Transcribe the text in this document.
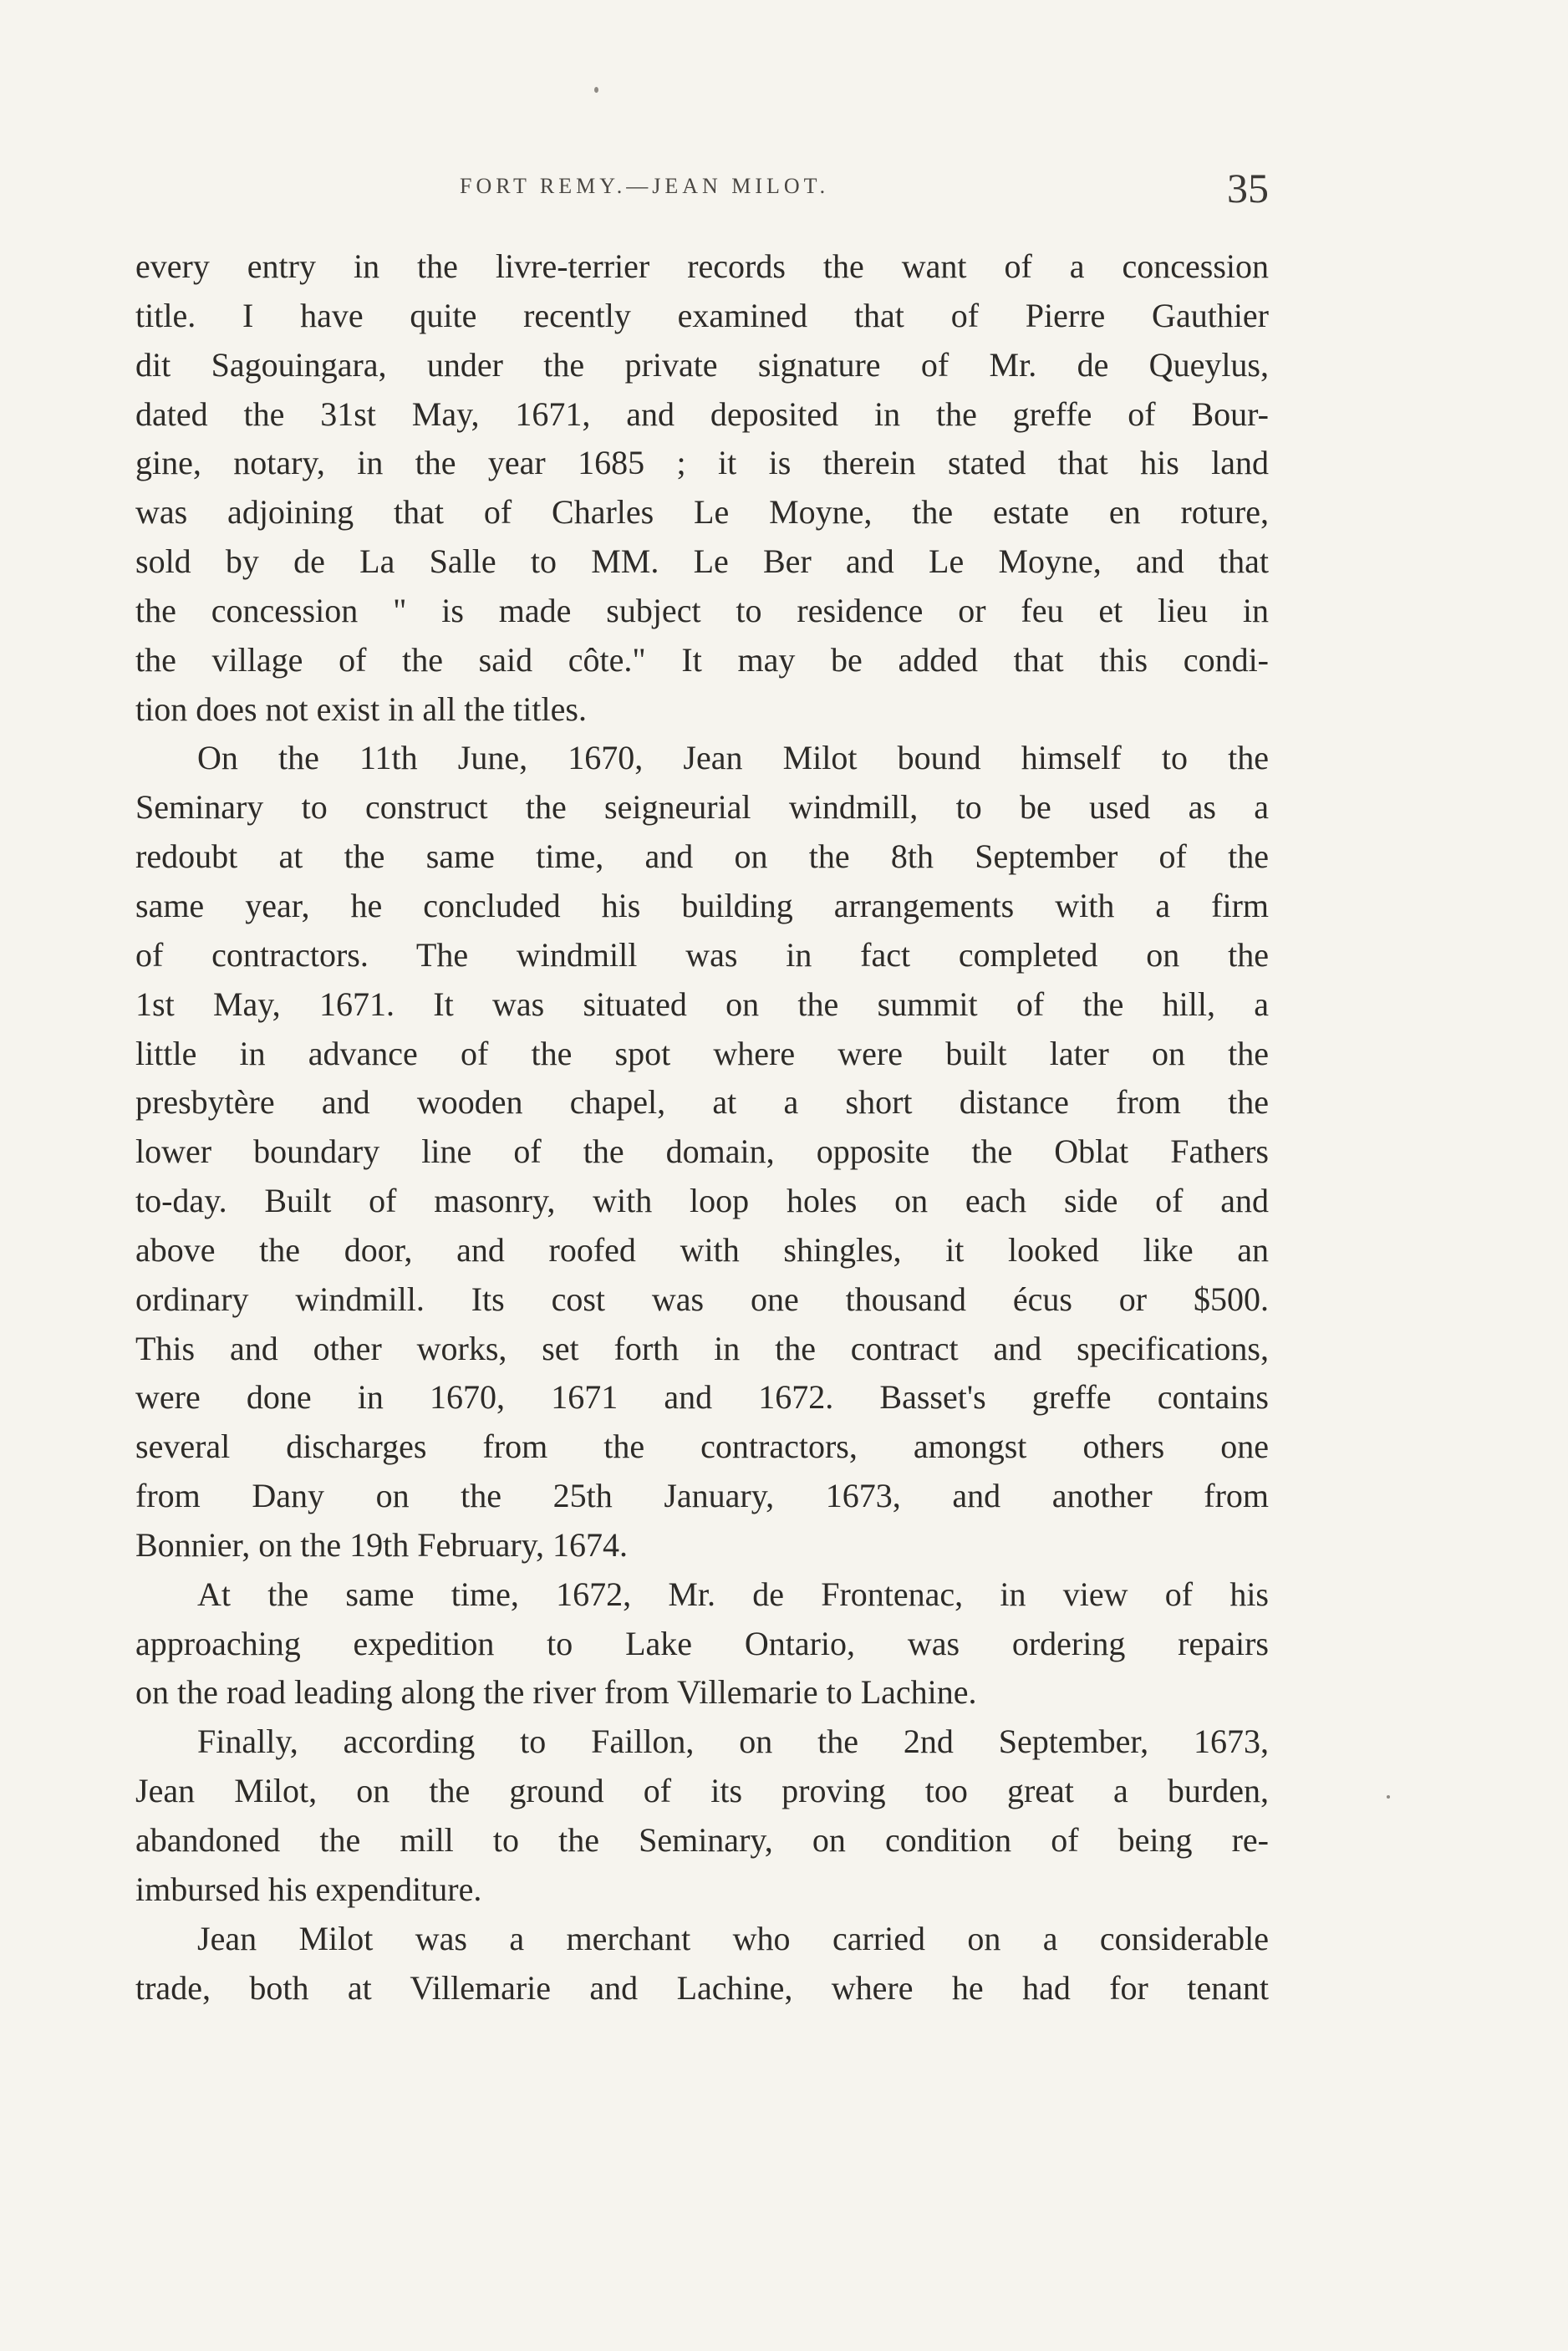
FORT REMY.—JEAN MILOT.	35
every entry in the livre-terrier records the want of a concession
title. I have quite recently examined that of Pierre Gauthier
dit Sagouingara, under the private signature of Mr. de Queylus,
dated the 31st May, 1671, and deposited in the greffe of Bour-
gine, notary, in the year 1685 ; it is therein stated that his land
was adjoining that of Charles Le Moyne, the estate en roture,
sold by de La Salle to MM. Le Ber and Le Moyne, and that
the concession " is made subject to residence or feu et lieu in
the village of the said côte." It may be added that this condi-
tion does not exist in all the titles.
On the 11th June, 1670, Jean Milot bound himself to the
Seminary to construct the seigneurial windmill, to be used as a
redoubt at the same time, and on the 8th September of the
same year, he concluded his building arrangements with a firm
of contractors. The windmill was in fact completed on the
1st May, 1671. It was situated on the summit of the hill, a
little in advance of the spot where were built later on the
presbytère and wooden chapel, at a short distance from the
lower boundary line of the domain, opposite the Oblat Fathers
to-day. Built of masonry, with loop holes on each side of and
above the door, and roofed with shingles, it looked like an
ordinary windmill. Its cost was one thousand écus or $500.
This and other works, set forth in the contract and specifications,
were done in 1670, 1671 and 1672. Basset's greffe contains
several discharges from the contractors, amongst others one
from Dany on the 25th January, 1673, and another from
Bonnier, on the 19th February, 1674.
At the same time, 1672, Mr. de Frontenac, in view of his
approaching expedition to Lake Ontario, was ordering repairs
on the road leading along the river from Villemarie to Lachine.
Finally, according to Faillon, on the 2nd September, 1673,
Jean Milot, on the ground of its proving too great a burden,
abandoned the mill to the Seminary, on condition of being re-
imbursed his expenditure.
Jean Milot was a merchant who carried on a considerable
trade, both at Villemarie and Lachine, where he had for tenant
